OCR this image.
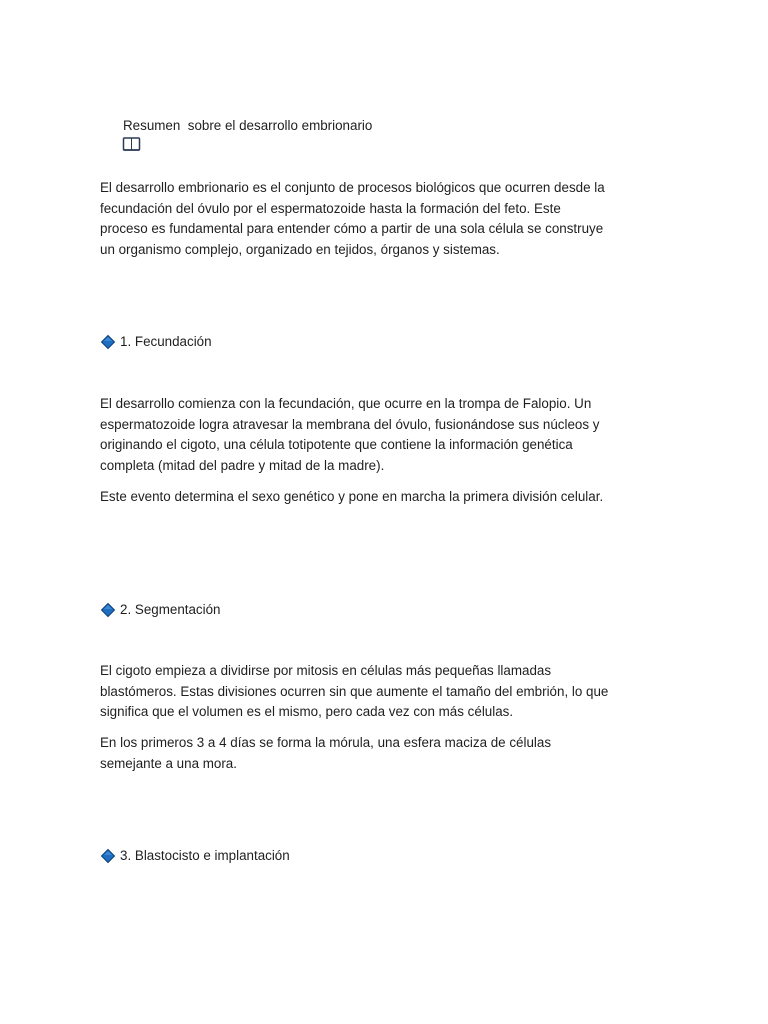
Resumen  sobre el desarrollo embrionario

El desarrollo embrionario es el conjunto de procesos biológicos que ocurren desde la fecundación del óvulo por el espermatozoide hasta la formación del feto. Este proceso es fundamental para entender cómo a partir de una sola célula se construye un organismo complejo, organizado en tejidos, órganos y sistemas.

1. Fecundación

El desarrollo comienza con la fecundación, que ocurre en la trompa de Falopio. Un espermatozoide logra atravesar la membrana del óvulo, fusionándose sus núcleos y originando el cigoto, una célula totipotente que contiene la información genética completa (mitad del padre y mitad de la madre).

Este evento determina el sexo genético y pone en marcha la primera división celular.

2. Segmentación

El cigoto empieza a dividirse por mitosis en células más pequeñas llamadas blastómeros. Estas divisiones ocurren sin que aumente el tamaño del embrión, lo que significa que el volumen es el mismo, pero cada vez con más células.

En los primeros 3 a 4 días se forma la mórula, una esfera maciza de células semejante a una mora.

3. Blastocisto e implantación
